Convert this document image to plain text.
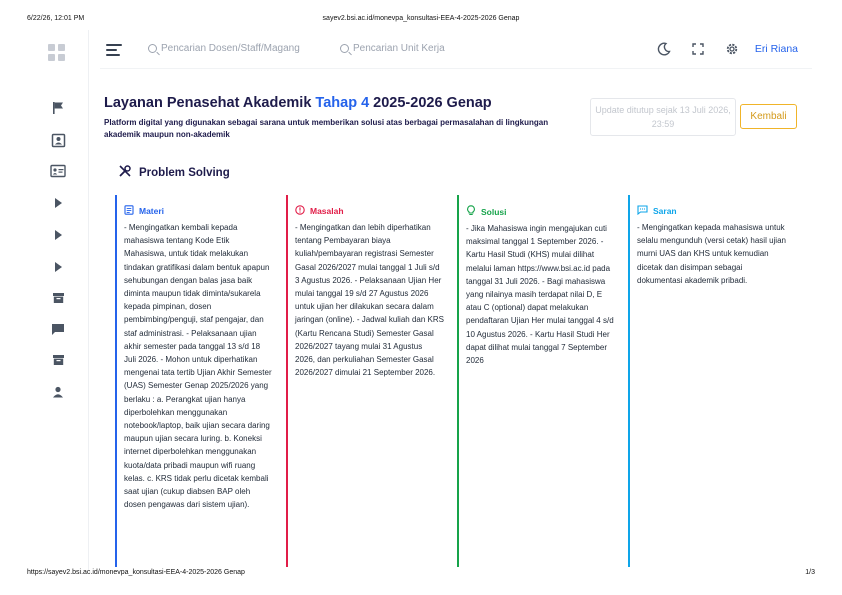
6/22/26, 12:01 PM	sayev2.bsi.ac.id/monevpa_konsultasi-EEA-4-2025-2026 Genap
Pencarian Dosen/Staff/Magang	Pencarian Unit Kerja	Eri Riana
Layanan Penasehat Akademik Tahap 4 2025-2026 Genap
Platform digital yang digunakan sebagai sarana untuk memberikan solusi atas berbagai permasalahan di lingkungan akademik maupun non-akademik
Update ditutup sejak 13 Juli 2026, 23:59
Kembali
Problem Solving
Materi
- Mengingatkan kembali kepada mahasiswa tentang Kode Etik Mahasiswa, untuk tidak melakukan tindakan gratifikasi dalam bentuk apapun sehubungan dengan balas jasa baik diminta maupun tidak diminta/sukarela kepada pimpinan, dosen pembimbing/penguji, staf pengajar, dan staf administrasi. - Pelaksanaan ujian akhir semester pada tanggal 13 s/d 18 Juli 2026. - Mohon untuk diperhatikan mengenai tata tertib Ujian Akhir Semester (UAS) Semester Genap 2025/2026 yang berlaku : a. Perangkat ujian hanya diperbolehkan menggunakan notebook/laptop, baik ujian secara daring maupun ujian secara luring. b. Koneksi internet diperbolehkan menggunakan kuota/data pribadi maupun wifi ruang kelas. c. KRS tidak perlu dicetak kembali saat ujian (cukup diabsen BAP oleh dosen pengawas dari sistem ujian).
Masalah
- Mengingatkan dan lebih diperhatikan tentang Pembayaran biaya kuliah/pembayaran registrasi Semester Gasal 2026/2027 mulai tanggal 1 Juli s/d 3 Agustus 2026. - Pelaksanaan Ujian Her mulai tanggal 19 s/d 27 Agustus 2026 untuk ujian her dilakukan secara dalam jaringan (online). - Jadwal kuliah dan KRS (Kartu Rencana Studi) Semester Gasal 2026/2027 tayang mulai 31 Agustus 2026, dan perkuliahan Semester Gasal 2026/2027 dimulai 21 September 2026.
Solusi
- Jika Mahasiswa ingin mengajukan cuti maksimal tanggal 1 September 2026. - Kartu Hasil Studi (KHS) mulai dilihat melalui laman https://www.bsi.ac.id pada tanggal 31 Juli 2026. - Bagi mahasiswa yang nilainya masih terdapat nilai D, E atau C (optional) dapat melakukan pendaftaran Ujian Her mulai tanggal 4 s/d 10 Agustus 2026. - Kartu Hasil Studi Her dapat dilihat mulai tanggal 7 September 2026
Saran
- Mengingatkan kepada mahasiswa untuk selalu mengunduh (versi cetak) hasil ujian murni UAS dan KHS untuk kemudian dicetak dan disimpan sebagai dokumentasi akademik pribadi.
https://sayev2.bsi.ac.id/monevpa_konsultasi-EEA-4-2025-2026 Genap	1/3
